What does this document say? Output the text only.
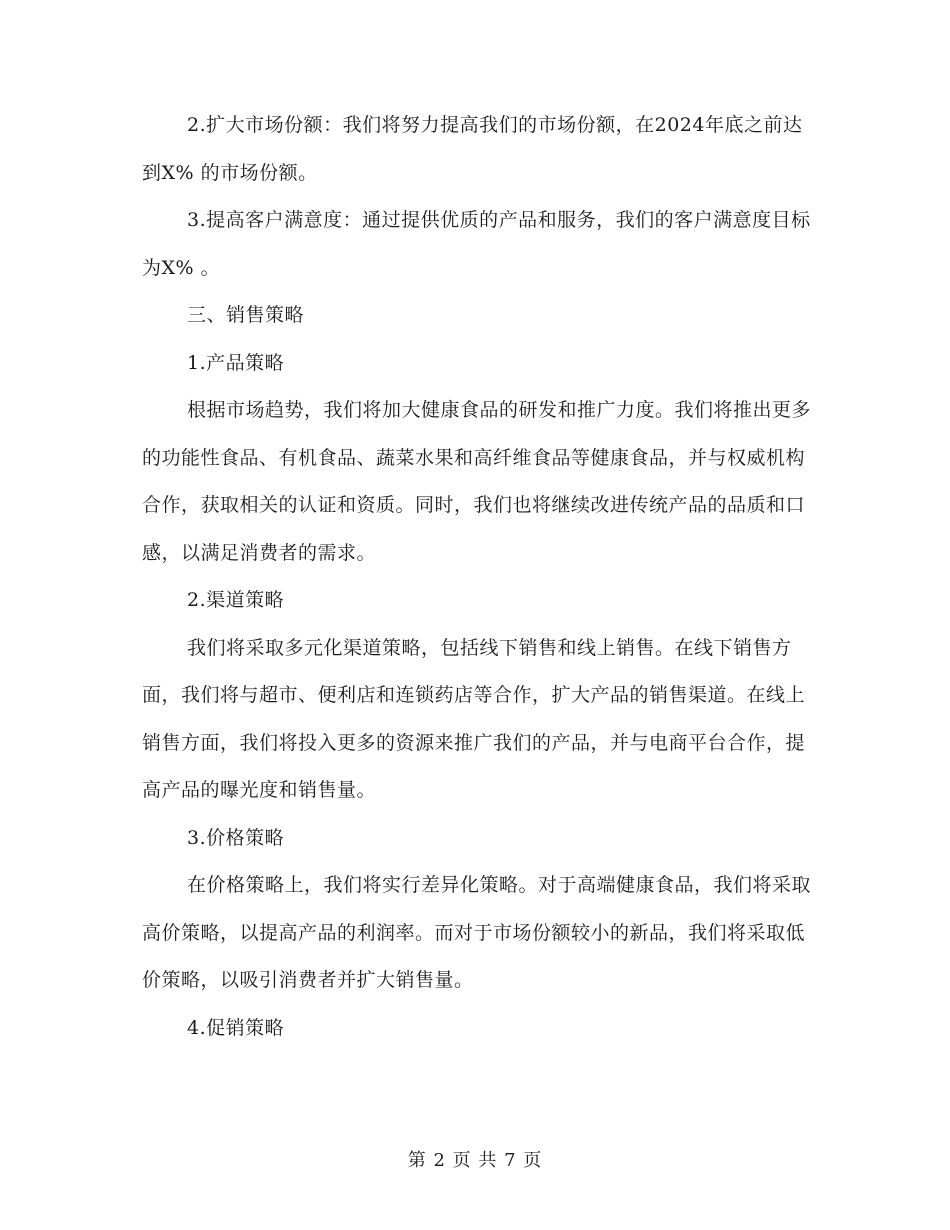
2.扩大市场份额：我们将努力提高我们的市场份额，在2024年底之前达到X% 的市场份额。

3.提高客户满意度：通过提供优质的产品和服务，我们的客户满意度目标为X% 。

三、销售策略

1.产品策略

根据市场趋势，我们将加大健康食品的研发和推广力度。我们将推出更多的功能性食品、有机食品、蔬菜水果和高纤维食品等健康食品，并与权威机构合作，获取相关的认证和资质。同时，我们也将继续改进传统产品的品质和口感，以满足消费者的需求。

2.渠道策略

我们将采取多元化渠道策略，包括线下销售和线上销售。在线下销售方面，我们将与超市、便利店和连锁药店等合作，扩大产品的销售渠道。在线上销售方面，我们将投入更多的资源来推广我们的产品，并与电商平台合作，提高产品的曝光度和销售量。

3.价格策略

在价格策略上，我们将实行差异化策略。对于高端健康食品，我们将采取高价策略，以提高产品的利润率。而对于市场份额较小的新品，我们将采取低价策略，以吸引消费者并扩大销售量。

4.促销策略

第 2 页 共 7 页
